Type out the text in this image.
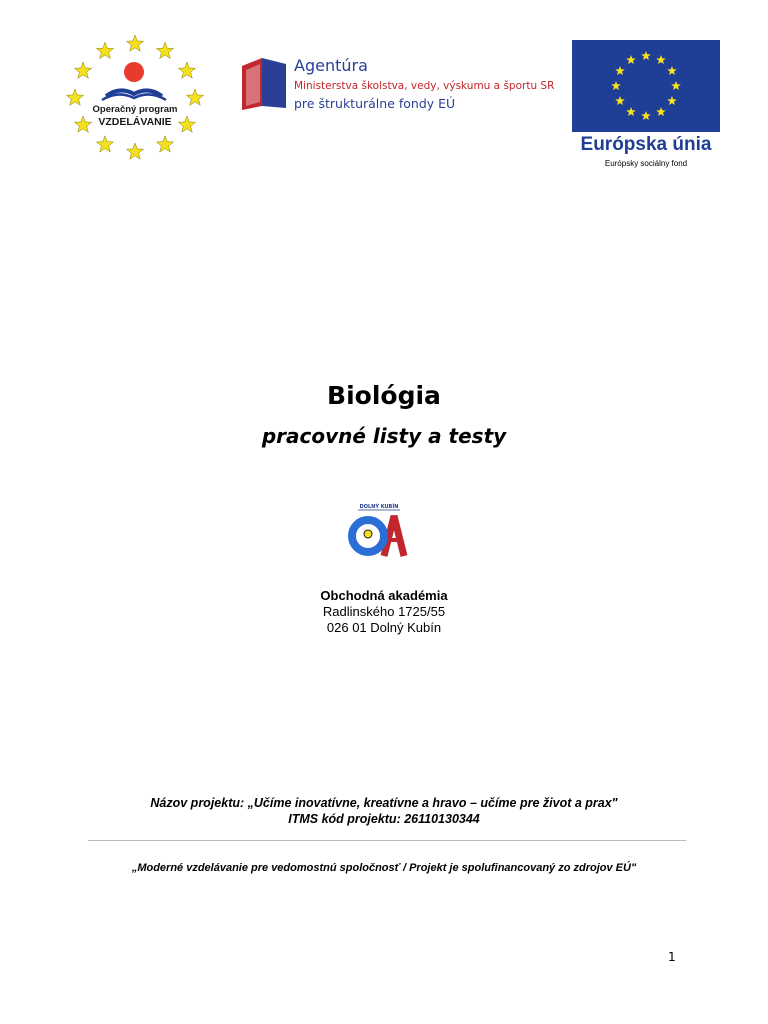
Operačný program
VZDELÁVANIE
Agentúra
Ministerstva školstva, vedy, výskumu a športu SR
pre štrukturálne fondy EÚ
Európska únia
Európsky sociálny fond
Biológia
pracovné listy a testy
DOLNÝ KUBÍN
Obchodná akadémia
Radlinského 1725/55
026 01 Dolný Kubín
Názov projektu: „Učíme inovatívne, kreatívne a hravo – učíme pre život a prax"
ITMS kód projektu: 26110130344
„Moderné vzdelávanie pre vedomostnú spoločnosť / Projekt je spolufinancovaný zo zdrojov EÚ"
1
